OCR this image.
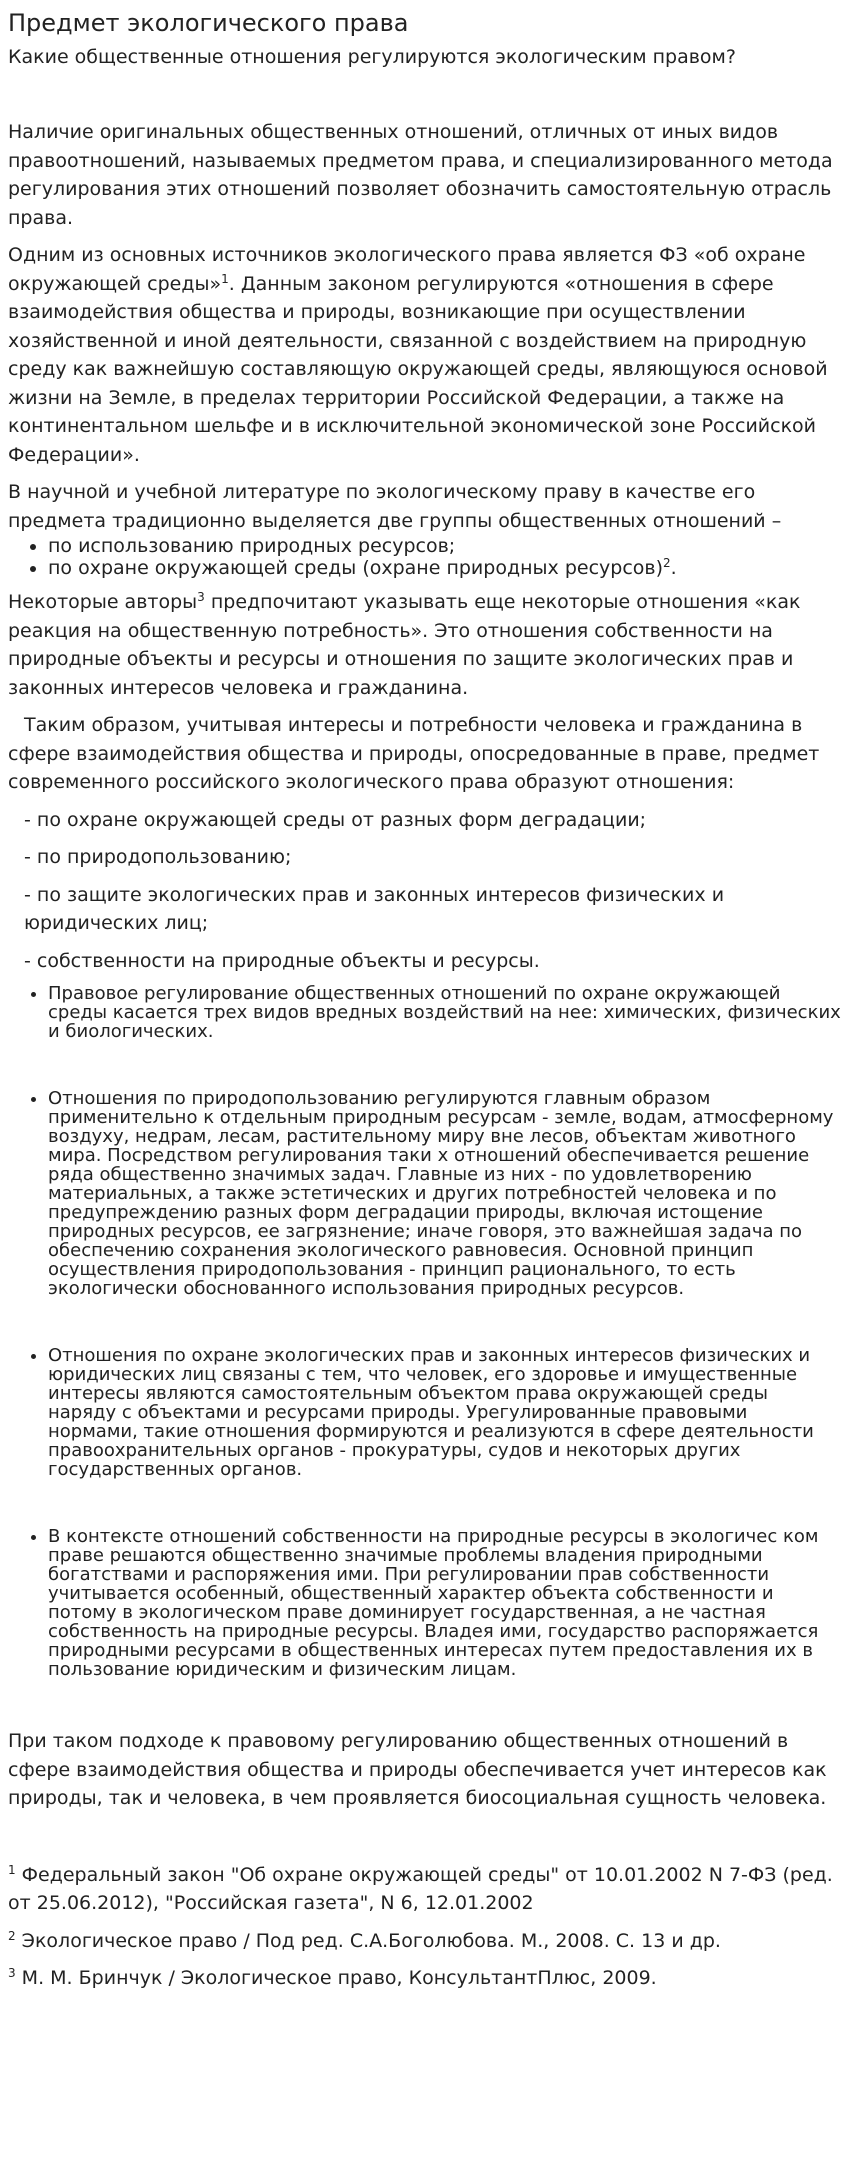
Предмет экологического права
Какие общественные отношения регулируются экологическим правом?

Наличие оригинальных общественных отношений, отличных от иных видов правоотношений, называемых предметом права, и специализированного метода регулирования этих отношений позволяет обозначить самостоятельную отрасль права.

Одним из основных источников экологического права является ФЗ «об охране окружающей среды»$^1$. Данным законом регулируются «отношения в сфере взаимодействия общества и природы, возникающие при осуществлении хозяйственной и иной деятельности, связанной с воздействием на природную среду как важнейшую составляющую окружающей среды, являющуюся основой жизни на Земле, в пределах территории Российской Федерации, а также на континентальном шельфе и в исключительной экономической зоне Российской Федерации».

В научной и учебной литературе по экологическому праву в качестве его предмета традиционно выделяется две группы общественных отношений –

• по использованию природных ресурсов;
• по охране окружающей среды (охране природных ресурсов)$^2$.

Некоторые авторы$^3$ предпочитают указывать еще некоторые отношения «как реакция на общественную потребность». Это отношения собственности на природные объекты и ресурсы и отношения по защите экологических прав и законных интересов человека и гражданина.

Таким образом, учитывая интересы и потребности человека и гражданина в сфере взаимодействия общества и природы, опосредованные в праве, предмет современного российского экологического права образуют отношения:

- по охране окружающей среды от разных форм деградации;

- по природопользованию;

- по защите экологических прав и законных интересов физических и юридических лиц;

- собственности на природные объекты и ресурсы.

• Правовое регулирование общественных отношений по охране окружающей среды касается трех видов вредных воздействий на нее: химических, физических и биологических.
• Отношения по природопользованию регулируются главным образом применительно к отдельным природным ресурсам - земле, водам, атмосферному воздуху, недрам, лесам, растительному миру вне лесов, объектам животного мира. Посредством регулирования таки х отношений обеспечивается решение ряда общественно значимых задач. Главные из них - по удовлетворению материальных, а также эстетических и других потребностей человека и по предупреждению разных форм деградации природы, включая истощение природных ресурсов, ее загрязнение; иначе говоря, это важнейшая задача по обеспечению сохранения экологического равновесия. Основной принцип осуществления природопользования - принцип рационального, то есть экологически обоснованного использования природных ресурсов.
• Отношения по охране экологических прав и законных интересов физических и юридических лиц связаны с тем, что человек, его здоровье и имущественные интересы являются самостоятельным объектом права окружающей среды наряду с объектами и ресурсами природы. Урегулированные правовыми нормами, такие отношения формируются и реализуются в сфере деятельности правоохранительных органов - прокуратуры, судов и некоторых других государственных органов.
• В контексте отношений собственности на природные ресурсы в экологичес ком праве решаются общественно значимые проблемы владения природными богатствами и распоряжения ими. При регулировании прав собственности учитывается особенный, общественный характер объекта собственности и потому в экологическом праве доминирует государственная, а не частная собственность на природные ресурсы. Владея ими, государство распоряжается природными ресурсами в общественных интересах путем предоставления их в пользование юридическим и физическим лицам.

При таком подходе к правовому регулированию общественных отношений в сфере взаимодействия общества и природы обеспечивается учет интересов как природы, так и человека, в чем проявляется биосоциальная сущность человека.

$^1$ Федеральный закон "Об охране окружающей среды" от 10.01.2002 N 7-ФЗ (ред. от 25.06.2012), "Российская газета", N 6, 12.01.2002

$^2$ Экологическое право / Под ред. С.А.Боголюбова. М., 2008. С. 13 и др.

$^3$ М. М. Бринчук / Экологическое право, КонсультантПлюс, 2009.
